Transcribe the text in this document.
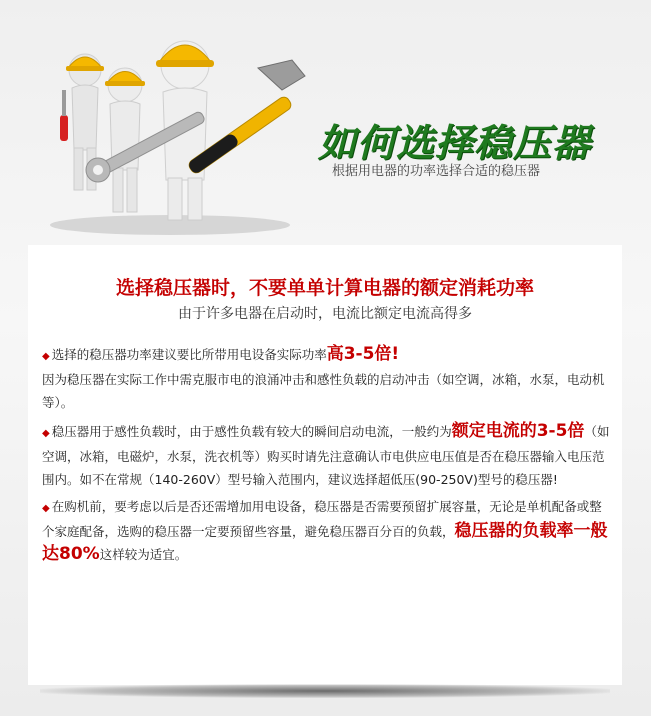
如何选择稳压器
根据用电器的功率选择合适的稳压器
选择稳压器时，不要单单计算电器的额定消耗功率
由于许多电器在启动时，电流比额定电流高得多

◆ 选择的稳压器功率建议要比所带用电设备实际功率高3-5倍!
因为稳压器在实际工作中需克服市电的浪涌冲击和感性负载的启动冲击（如空调，冰箱，水泵，电动机等）。

◆ 稳压器用于感性负载时，由于感性负载有较大的瞬间启动电流，一般约为额定电流的3-5倍（如空调，冰箱，电磁炉，水泵，洗衣机等）购买时请先注意确认市电供应电压值是否在稳压器输入电压范围内。如不在常规（140-260V）型号输入范围内，建议选择超低压(90-250V)型号的稳压器!

◆ 在购机前，要考虑以后是否还需增加用电设备，稳压器是否需要预留扩展容量，无论是单机配备或整个家庭配备，选购的稳压器一定要预留些容量，避免稳压器百分百的负载，稳压器的负载率一般达80%这样较为适宜。
